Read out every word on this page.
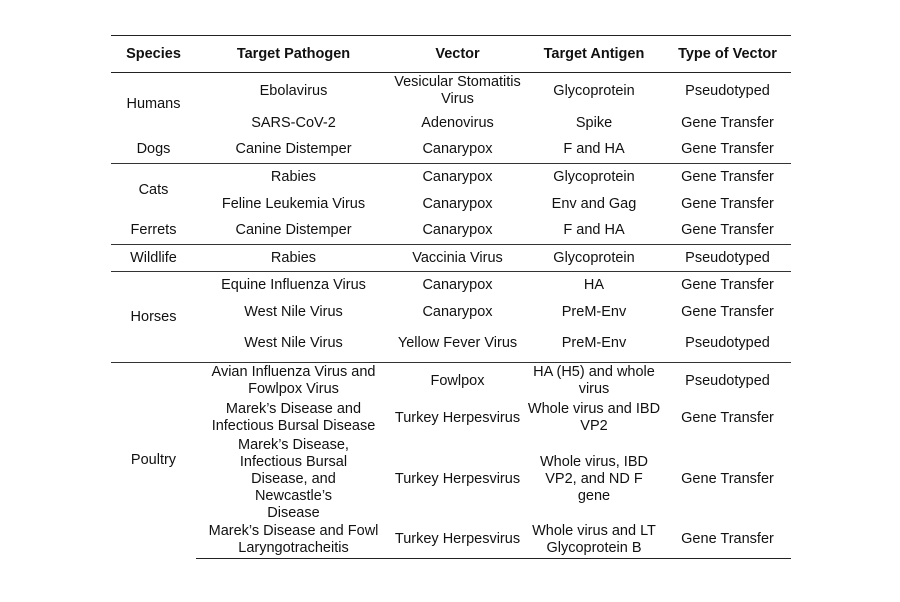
Species	Target Pathogen	Vector	Target Antigen	Type of Vector
Humans	Ebolavirus	Vesicular Stomatitis Virus	Glycoprotein	Pseudotyped
	SARS-CoV-2	Adenovirus	Spike	Gene Transfer
Dogs	Canine Distemper	Canarypox	F and HA	Gene Transfer
Cats	Rabies	Canarypox	Glycoprotein	Gene Transfer
	Feline Leukemia Virus	Canarypox	Env and Gag	Gene Transfer
Ferrets	Canine Distemper	Canarypox	F and HA	Gene Transfer
Wildlife	Rabies	Vaccinia Virus	Glycoprotein	Pseudotyped
Horses	Equine Influenza Virus	Canarypox	HA	Gene Transfer
	West Nile Virus	Canarypox	PreM-Env	Gene Transfer
	West Nile Virus	Yellow Fever Virus	PreM-Env	Pseudotyped
Poultry	Avian Influenza Virus and Fowlpox Virus	Fowlpox	HA (H5) and whole virus	Pseudotyped
	Marek’s Disease and Infectious Bursal Disease	Turkey Herpesvirus	Whole virus and IBD VP2	Gene Transfer
	Marek’s Disease, Infectious Bursal Disease, and Newcastle’s Disease	Turkey Herpesvirus	Whole virus, IBD VP2, and ND F gene	Gene Transfer
	Marek’s Disease and Fowl Laryngotracheitis	Turkey Herpesvirus	Whole virus and LT Glycoprotein B	Gene Transfer
